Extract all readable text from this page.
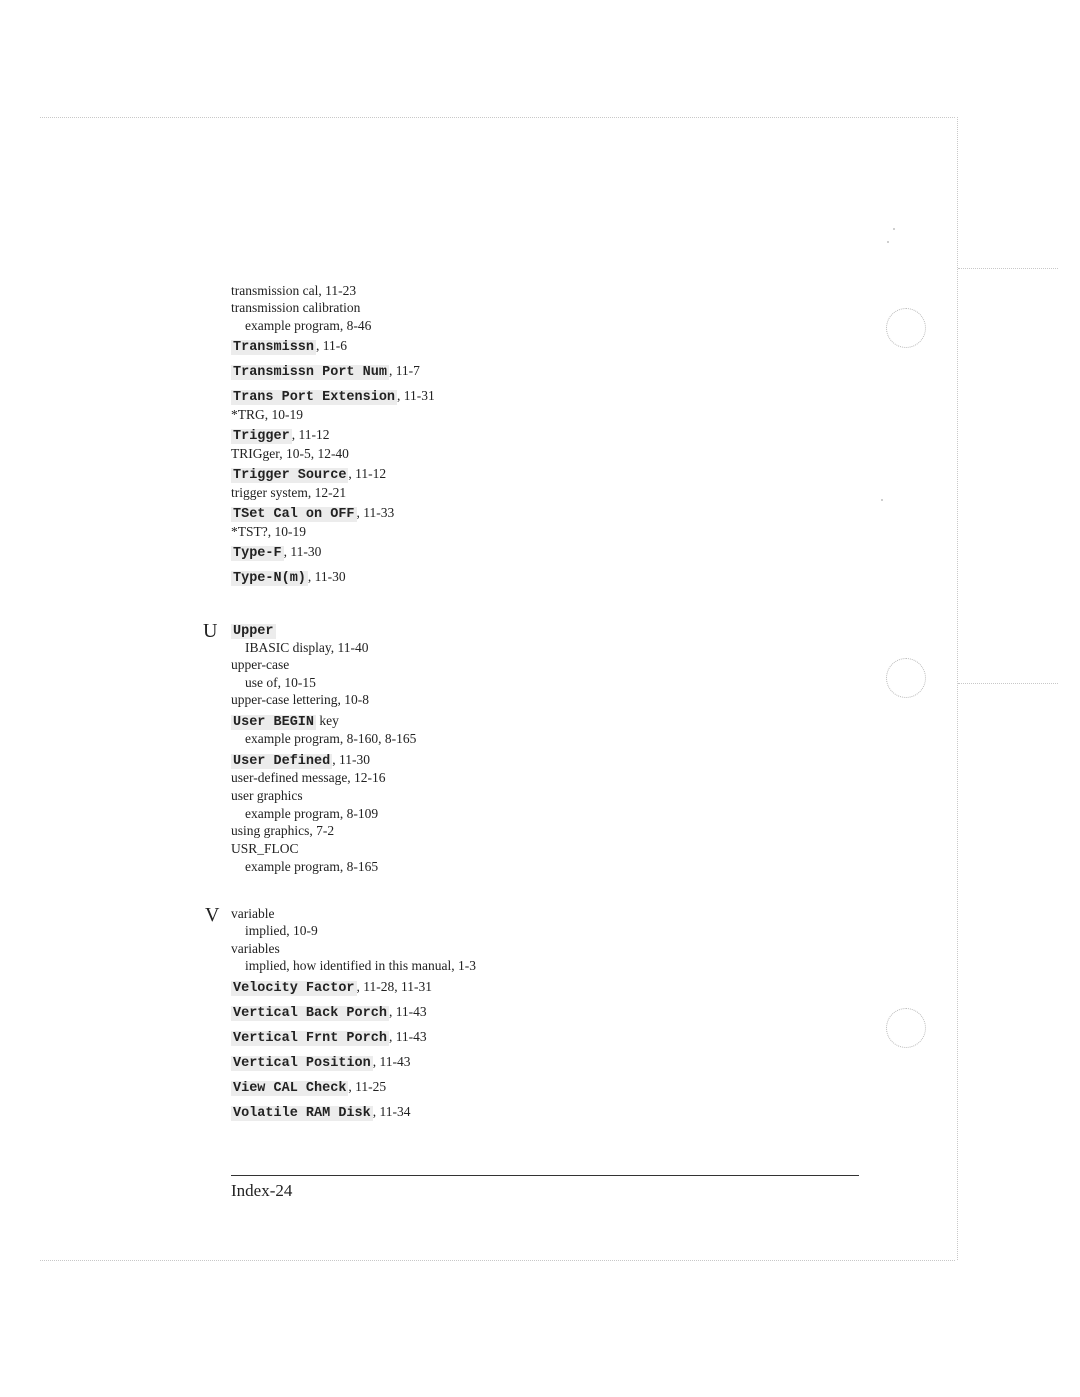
transmission cal, 11-23
transmission calibration
example program, 8-46
Transmissn , 11-6
Transmissn Port Num , 11-7
Trans Port Extension , 11-31
*TRG, 10-19
Trigger , 11-12
TRIGger, 10-5, 12-40
Trigger Source , 11-12
trigger system, 12-21
TSet Cal on OFF , 11-33
*TST?, 10-19
Type-F , 11-30
Type-N(m) , 11-30
U Upper
IBASIC display, 11-40
upper-case
use of, 10-15
upper-case lettering, 10-8
User BEGIN key
example program, 8-160, 8-165
User Defined , 11-30
user-defined message, 12-16
user graphics
example program, 8-109
using graphics, 7-2
USR_FLOC
example program, 8-165
V variable
implied, 10-9
variables
implied, how identified in this manual, 1-3
Velocity Factor , 11-28, 11-31
Vertical Back Porch , 11-43
Vertical Frnt Porch , 11-43
Vertical Position , 11-43
View CAL Check , 11-25
Volatile RAM Disk , 11-34
Index-24
